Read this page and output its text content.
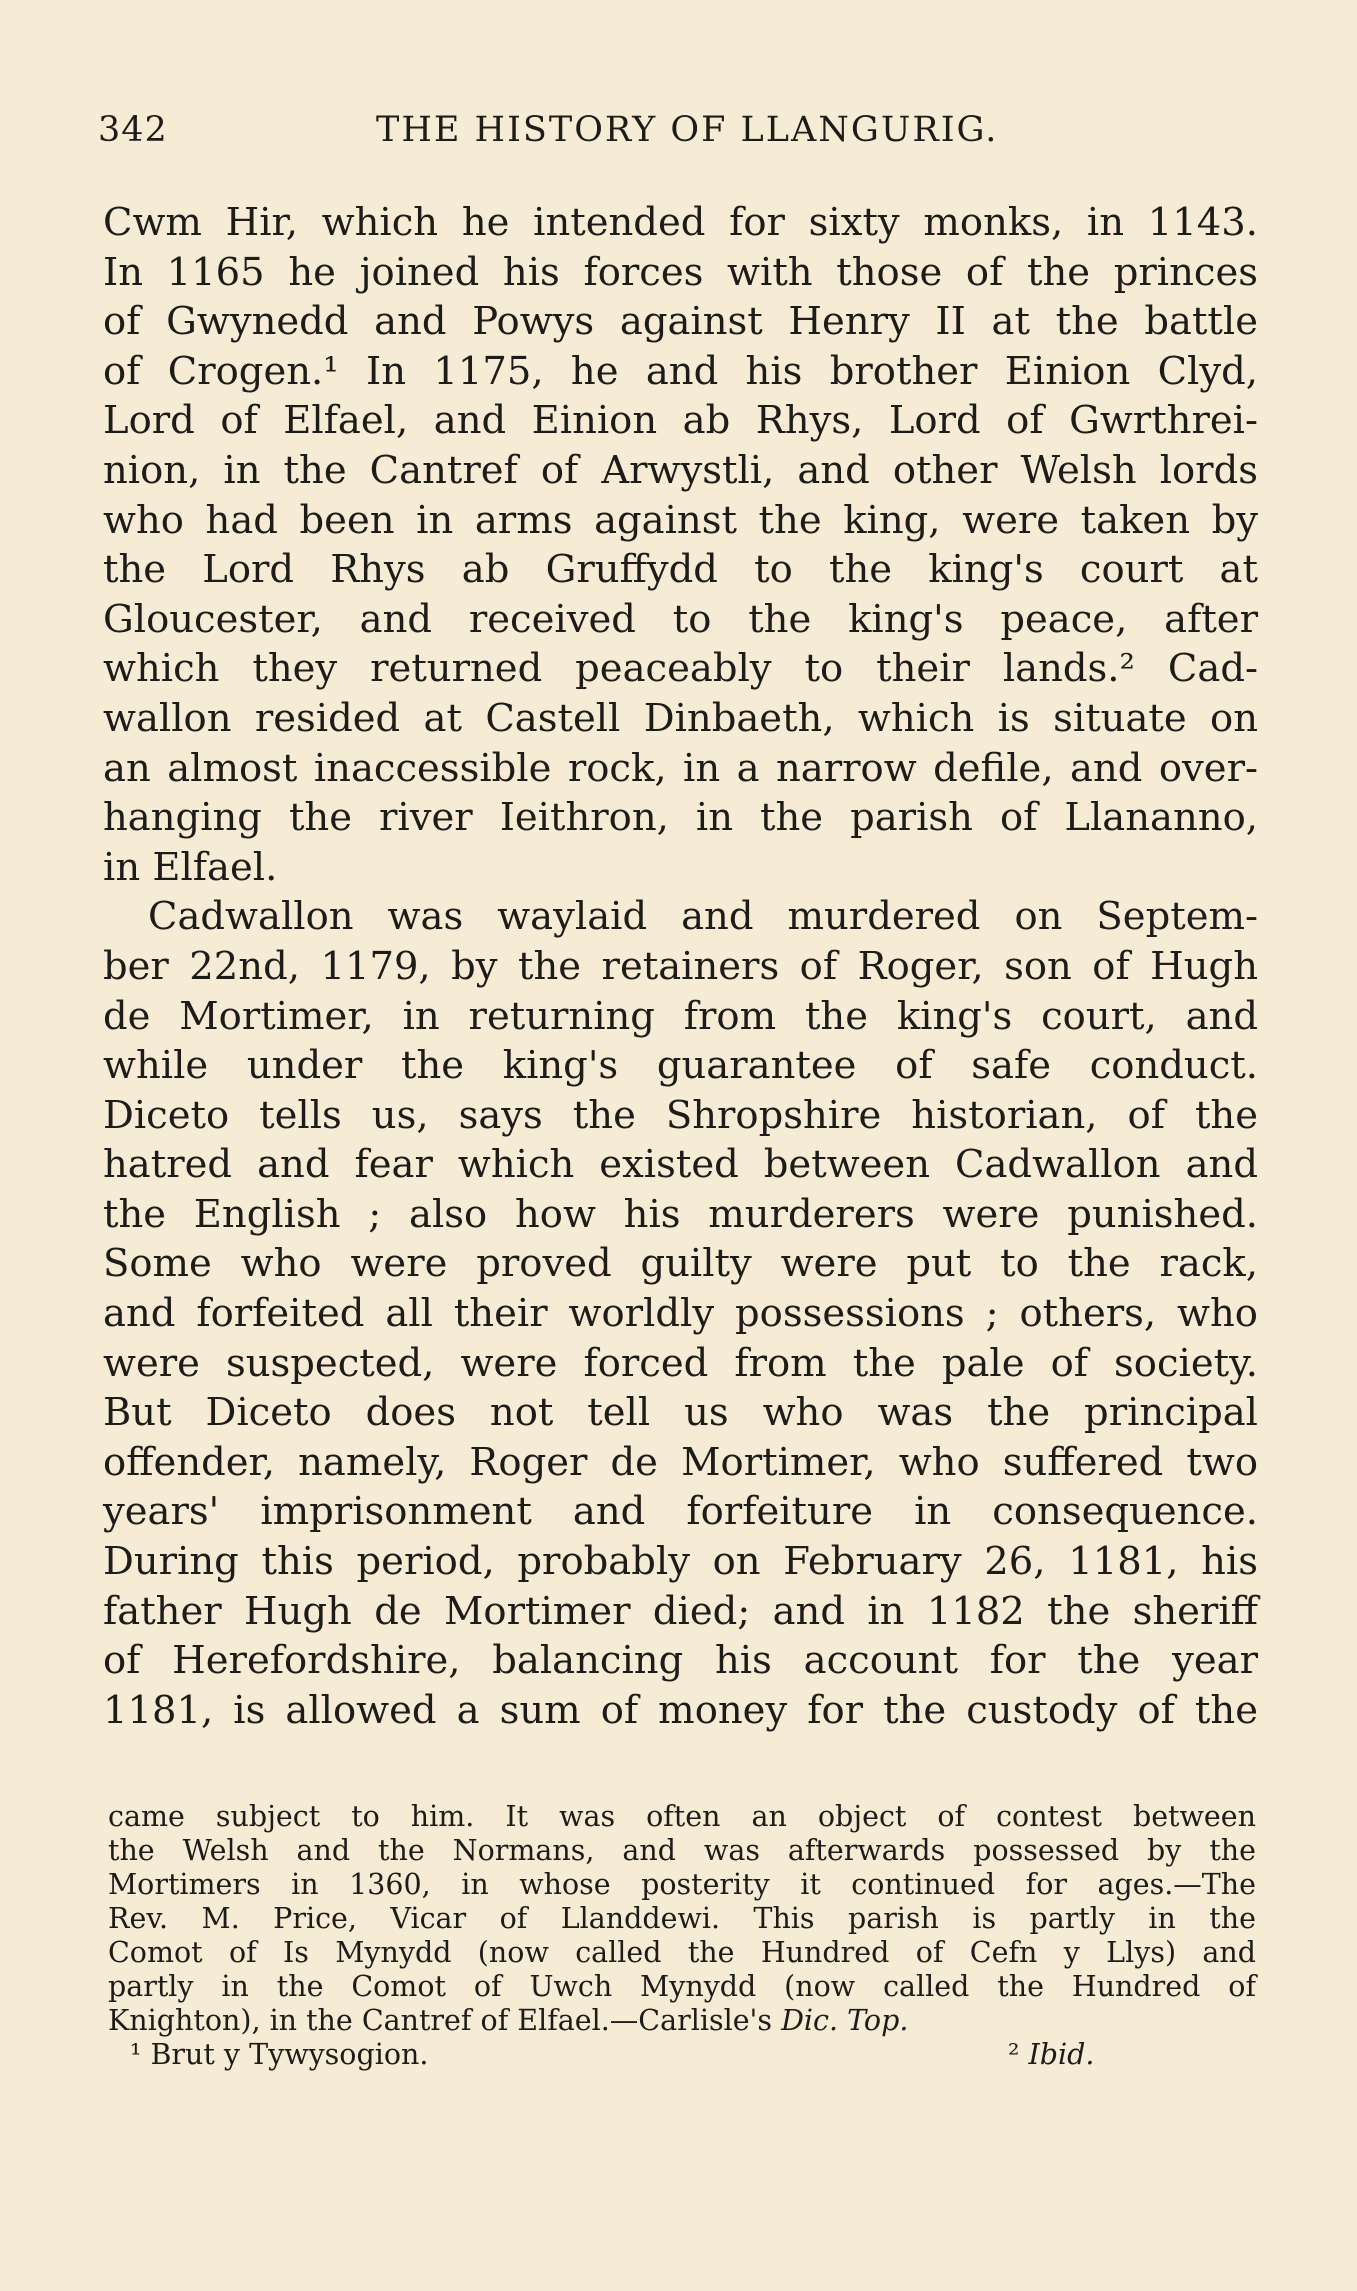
342	THE HISTORY OF LLANGURIG.
Cwm Hir, which he intended for sixty monks, in 1143.
In 1165 he joined his forces with those of the princes
of Gwynedd and Powys against Henry II at the battle
of Crogen.¹ In 1175, he and his brother Einion Clyd,
Lord of Elfael, and Einion ab Rhys, Lord of Gwrthrei-
nion, in the Cantref of Arwystli, and other Welsh lords
who had been in arms against the king, were taken by
the Lord Rhys ab Gruffydd to the king's court at
Gloucester, and received to the king's peace, after
which they returned peaceably to their lands.² Cad-
wallon resided at Castell Dinbaeth, which is situate on
an almost inaccessible rock, in a narrow defile, and over-
hanging the river Ieithron, in the parish of Llananno,
in Elfael.
Cadwallon was waylaid and murdered on Septem-
ber 22nd, 1179, by the retainers of Roger, son of Hugh
de Mortimer, in returning from the king's court, and
while under the king's guarantee of safe conduct.
Diceto tells us, says the Shropshire historian, of the
hatred and fear which existed between Cadwallon and
the English ; also how his murderers were punished.
Some who were proved guilty were put to the rack,
and forfeited all their worldly possessions ; others, who
were suspected, were forced from the pale of society.
But Diceto does not tell us who was the principal
offender, namely, Roger de Mortimer, who suffered two
years' imprisonment and forfeiture in consequence.
During this period, probably on February 26, 1181, his
father Hugh de Mortimer died; and in 1182 the sheriff
of Herefordshire, balancing his account for the year
1181, is allowed a sum of money for the custody of the
came subject to him. It was often an object of contest between
the Welsh and the Normans, and was afterwards possessed by the
Mortimers in 1360, in whose posterity it continued for ages.—The
Rev. M. Price, Vicar of Llanddewi. This parish is partly in the
Comot of Is Mynydd (now called the Hundred of Cefn y Llys) and
partly in the Comot of Uwch Mynydd (now called the Hundred of
Knighton), in the Cantref of Elfael.—Carlisle's Dic. Top.
¹ Brut y Tywysogion.	² Ibid.
